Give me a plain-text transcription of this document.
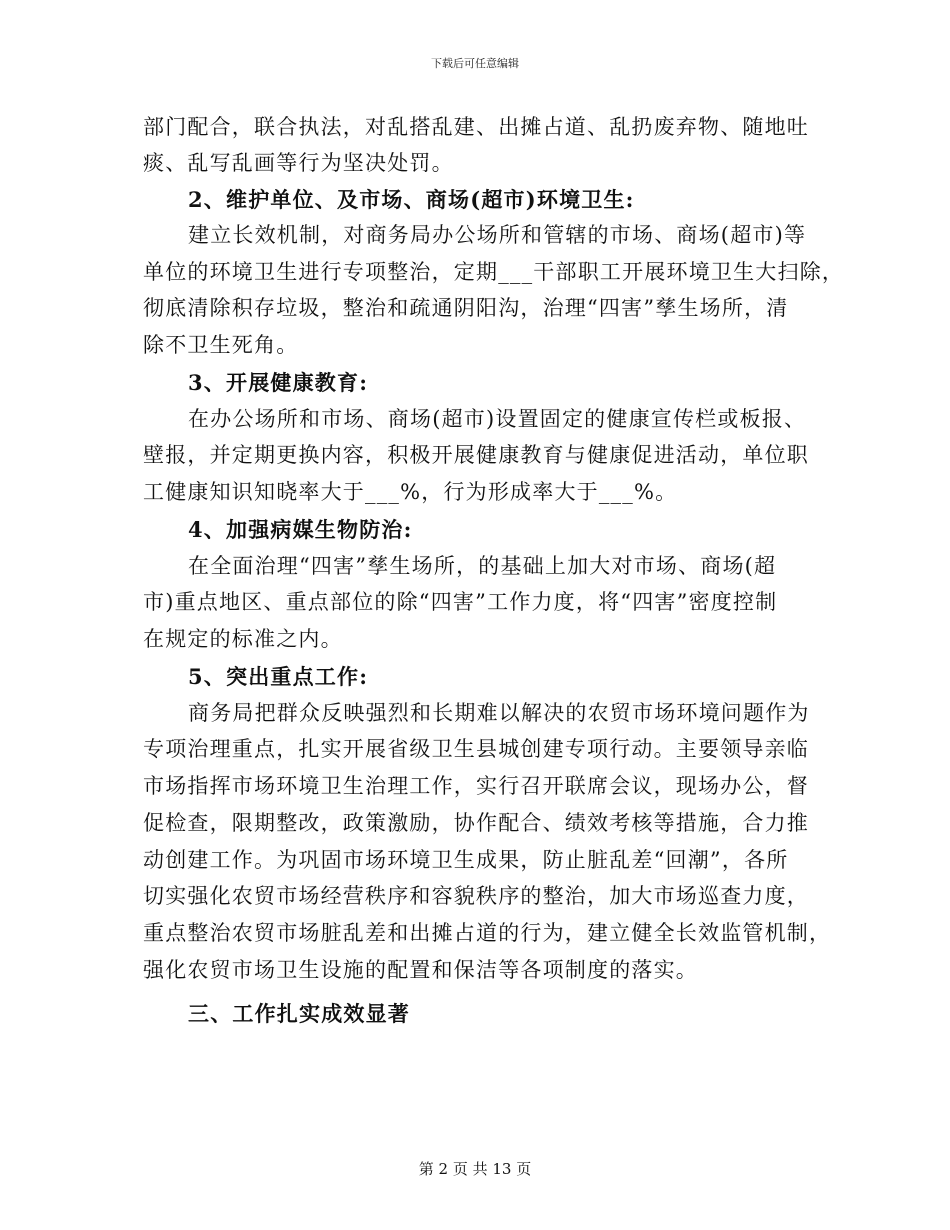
下载后可任意编辑
部门配合，联合执法，对乱搭乱建、出摊占道、乱扔废弃物、随地吐
痰、乱写乱画等行为坚决处罚。
2、维护单位、及市场、商场(超市)环境卫生:
建立长效机制，对商务局办公场所和管辖的市场、商场(超市)等
单位的环境卫生进行专项整治，定期___干部职工开展环境卫生大扫除，
彻底清除积存垃圾，整治和疏通阴阳沟，治理“四害”孳生场所，清
除不卫生死角。
3、开展健康教育:
在办公场所和市场、商场(超市)设置固定的健康宣传栏或板报、
壁报，并定期更换内容，积极开展健康教育与健康促进活动，单位职
工健康知识知晓率大于___%，行为形成率大于___%。
4、加强病媒生物防治:
在全面治理“四害”孳生场所，的基础上加大对市场、商场(超
市)重点地区、重点部位的除“四害”工作力度，将“四害”密度控制
在规定的标准之内。
5、突出重点工作:
商务局把群众反映强烈和长期难以解决的农贸市场环境问题作为
专项治理重点，扎实开展省级卫生县城创建专项行动。主要领导亲临
市场指挥市场环境卫生治理工作，实行召开联席会议，现场办公，督
促检查，限期整改，政策激励，协作配合、绩效考核等措施，合力推
动创建工作。为巩固市场环境卫生成果，防止脏乱差“回潮”，各所
切实强化农贸市场经营秩序和容貌秩序的整治，加大市场巡查力度，
重点整治农贸市场脏乱差和出摊占道的行为，建立健全长效监管机制，
强化农贸市场卫生设施的配置和保洁等各项制度的落实。
三、工作扎实成效显著
第 2 页 共 13 页
